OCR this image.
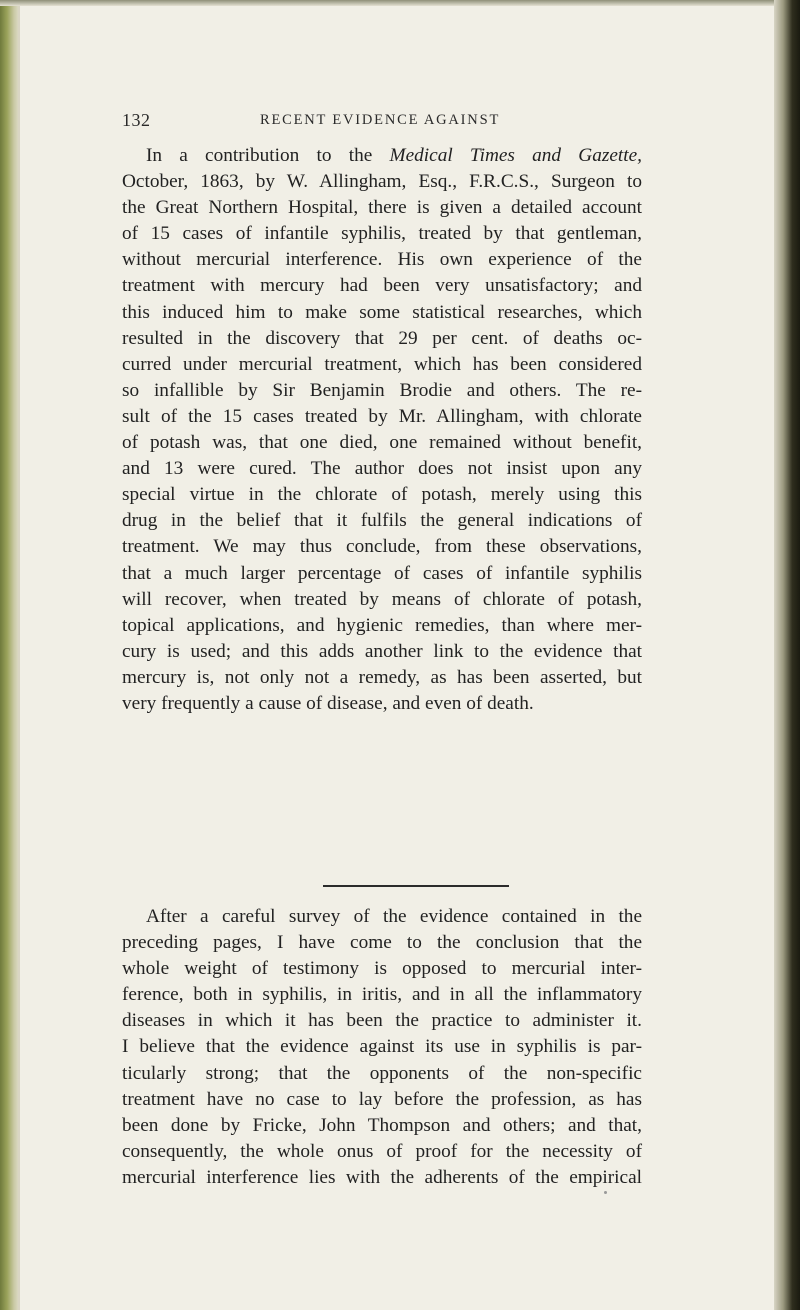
132	RECENT EVIDENCE AGAINST
In a contribution to the Medical Times and Gazette,
October, 1863, by W. Allingham, Esq., F.R.C.S., Surgeon to
the Great Northern Hospital, there is given a detailed account
of 15 cases of infantile syphilis, treated by that gentleman,
without mercurial interference. His own experience of the
treatment with mercury had been very unsatisfactory; and
this induced him to make some statistical researches, which
resulted in the discovery that 29 per cent. of deaths oc-
curred under mercurial treatment, which has been considered
so infallible by Sir Benjamin Brodie and others. The re-
sult of the 15 cases treated by Mr. Allingham, with chlorate
of potash was, that one died, one remained without benefit,
and 13 were cured. The author does not insist upon any
special virtue in the chlorate of potash, merely using this
drug in the belief that it fulfils the general indications of
treatment. We may thus conclude, from these observations,
that a much larger percentage of cases of infantile syphilis
will recover, when treated by means of chlorate of potash,
topical applications, and hygienic remedies, than where mer-
cury is used; and this adds another link to the evidence that
mercury is, not only not a remedy, as has been asserted, but
very frequently a cause of disease, and even of death.
After a careful survey of the evidence contained in the
preceding pages, I have come to the conclusion that the
whole weight of testimony is opposed to mercurial inter-
ference, both in syphilis, in iritis, and in all the inflammatory
diseases in which it has been the practice to administer it.
I believe that the evidence against its use in syphilis is par-
ticularly strong; that the opponents of the non-specific
treatment have no case to lay before the profession, as has
been done by Fricke, John Thompson and others; and that,
consequently, the whole onus of proof for the necessity of
mercurial interference lies with the adherents of the empirical
